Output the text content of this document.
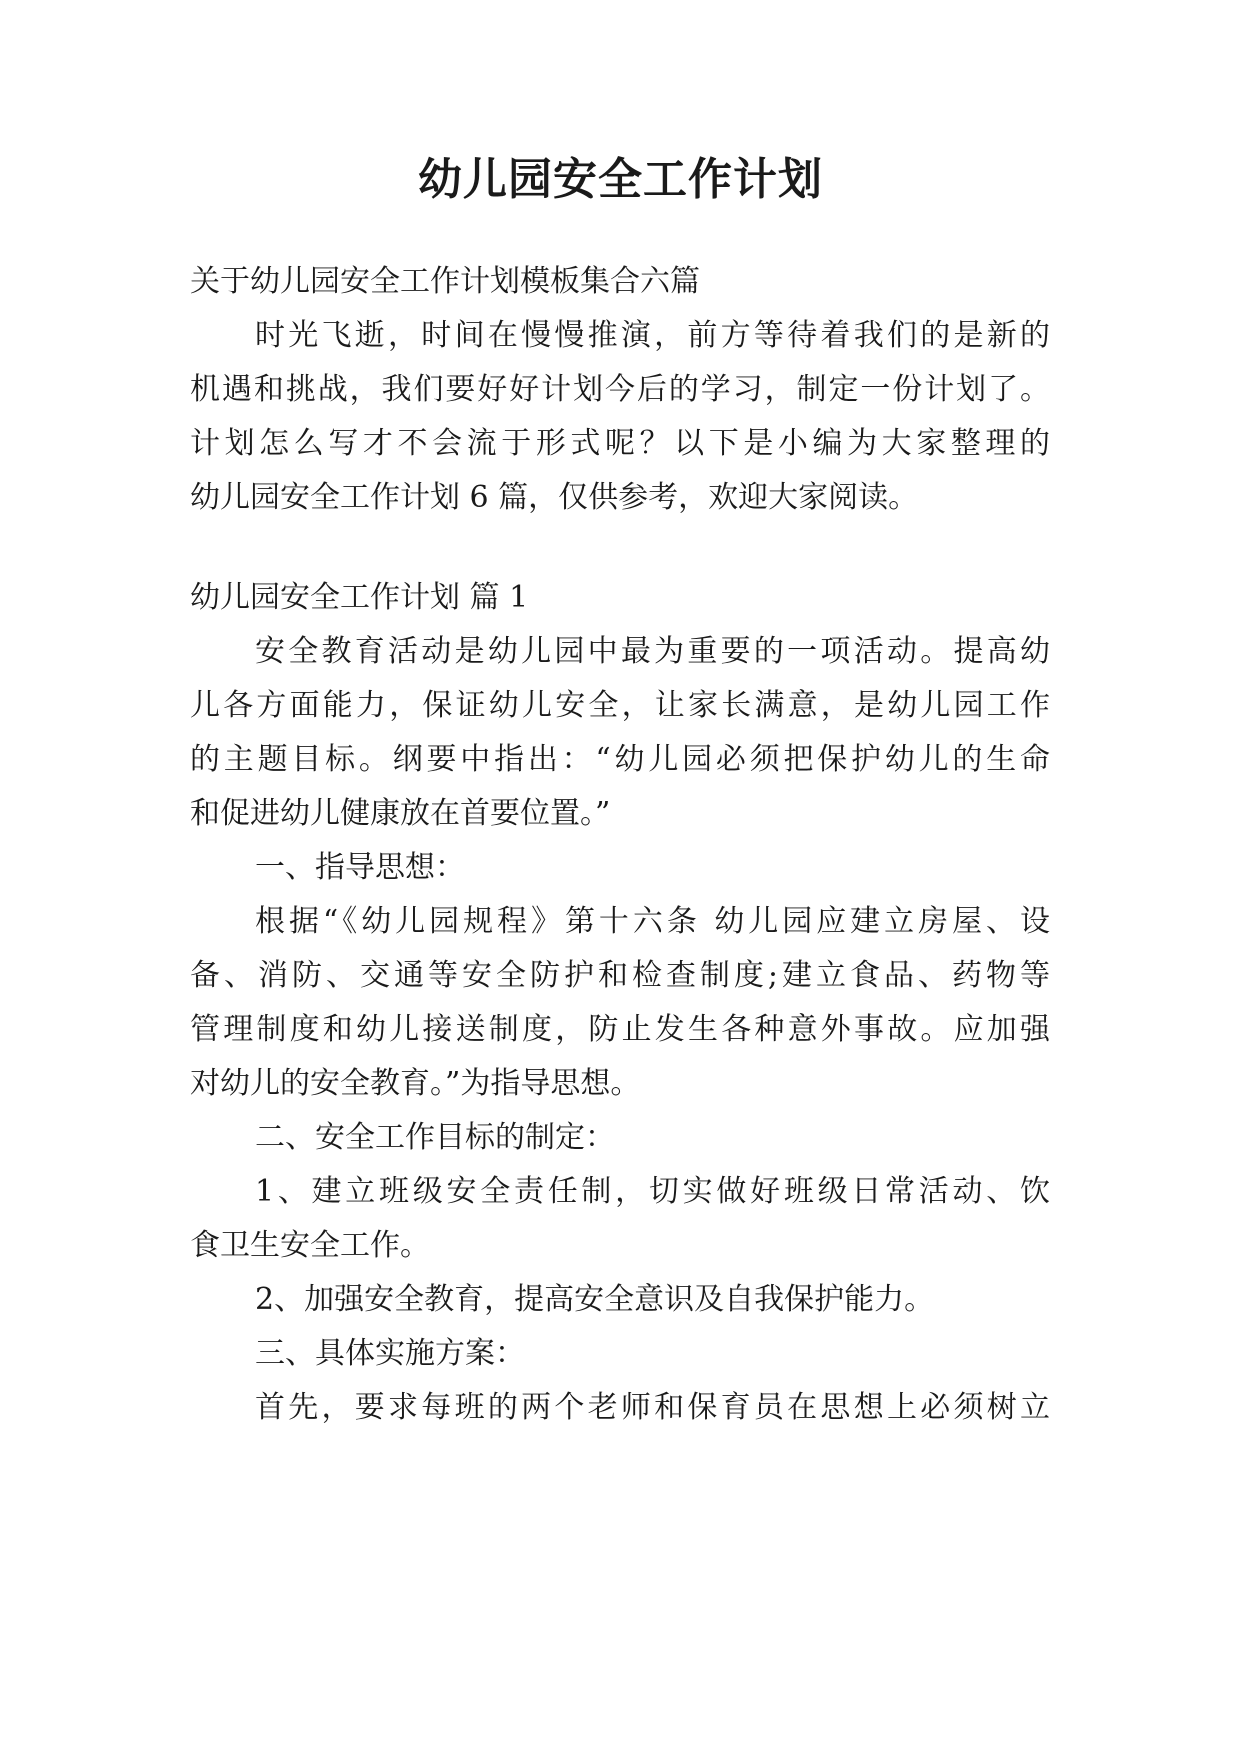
幼儿园安全工作计划
关于幼儿园安全工作计划模板集合六篇
时光飞逝，时间在慢慢推演，前方等待着我们的是新的
机遇和挑战，我们要好好计划今后的学习，制定一份计划了。
计划怎么写才不会流于形式呢？以下是小编为大家整理的
幼儿园安全工作计划 6 篇，仅供参考，欢迎大家阅读。
幼儿园安全工作计划 篇 1
安全教育活动是幼儿园中最为重要的一项活动。提高幼
儿各方面能力，保证幼儿安全，让家长满意，是幼儿园工作
的主题目标。纲要中指出：“幼儿园必须把保护幼儿的生命
和促进幼儿健康放在首要位置。”
一、指导思想：
根据“《幼儿园规程》第十六条 幼儿园应建立房屋、设
备、消防、交通等安全防护和检查制度;建立食品、药物等
管理制度和幼儿接送制度，防止发生各种意外事故。应加强
对幼儿的安全教育。”为指导思想。
二、安全工作目标的制定：
1、建立班级安全责任制，切实做好班级日常活动、饮
食卫生安全工作。
2、加强安全教育，提高安全意识及自我保护能力。
三、具体实施方案：
首先，要求每班的两个老师和保育员在思想上必须树立
